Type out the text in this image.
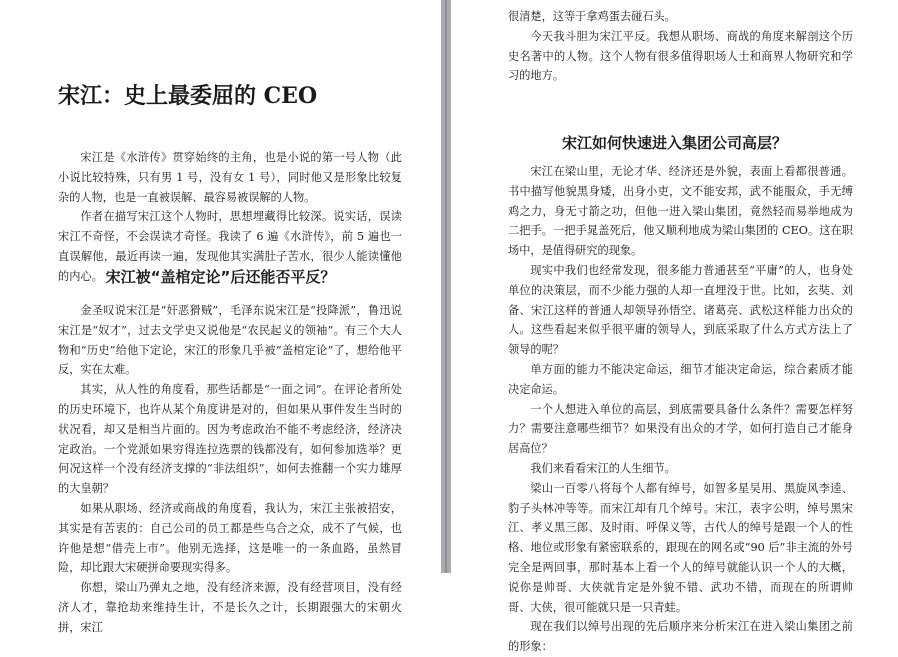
宋江：史上最委屈的 CEO

宋江是《水浒传》贯穿始终的主角，也是小说的第一号人物（此小说比较特殊，只有男 1 号，没有女 1 号），同时他又是形象比较复杂的人物，也是一直被误解、最容易被误解的人物。

作者在描写宋江这个人物时，思想埋藏得比较深。说实话，误读宋江不奇怪，不会误读才奇怪。我读了 6 遍《水浒传》，前 5 遍也一直误解他，最近再读一遍，发现他其实满肚子苦水，很少人能读懂他的内心。 宋江被“盖棺定论”后还能否平反？

金圣叹说宋江是“奸恶猾贼”，毛泽东说宋江是“投降派”，鲁迅说宋江是“奴才”，过去文学史又说他是“农民起义的领袖”。有三个大人物和“历史”给他下定论，宋江的形象几乎被“盖棺定论”了，想给他平反，实在太难。

其实，从人性的角度看，那些话都是“一面之词”。在评论者所处的历史环境下，也许从某个角度讲是对的，但如果从事件发生当时的状况看，却又是相当片面的。因为考虑政治不能不考虑经济，经济决定政治。一个党派如果穷得连拉选票的钱都没有，如何参加选举？更何况这样一个没有经济支撑的“非法组织”，如何去推翻一个实力雄厚的大皇朝？

如果从职场、经济或商战的角度看，我认为，宋江主张被招安，其实是有苦衷的：自己公司的员工都是些乌合之众，成不了气候，也许他是想“借壳上市”。他别无选择，这是唯一的一条血路，虽然冒险，却比跟大宋硬拼命要现实得多。

你想，梁山乃弹丸之地，没有经济来源，没有经营项目，没有经济人才，靠抢劫来维持生计，不是长久之计，长期跟强大的宋朝火拼，宋江

很清楚，这等于拿鸡蛋去碰石头。

今天我斗胆为宋江平反。我想从职场、商战的角度来解剖这个历史名著中的人物。这个人物有很多值得职场人士和商界人物研究和学习的地方。

宋江如何快速进入集团公司高层？

宋江在梁山里，无论才华、经济还是外貌，表面上看都很普通。书中描写他貌黑身矮，出身小吏，文不能安邦，武不能服众，手无缚鸡之力，身无寸箭之功，但他一进入梁山集团，竟然轻而易举地成为二把手。一把手晁盖死后，他又顺利地成为梁山集团的 CEO。这在职场中，是值得研究的现象。

现实中我们也经常发现，很多能力普通甚至“平庸”的人，也身处单位的决策层，而不少能力强的人却一直埋没于世。比如，玄奘、刘备、宋江这样的普通人却领导孙悟空、诸葛亮、武松这样能力出众的人。这些看起来似乎很平庸的领导人，到底采取了什么方式方法上了领导的呢？

单方面的能力不能决定命运，细节才能决定命运，综合素质才能决定命运。

一个人想进入单位的高层，到底需要具备什么条件？需要怎样努力？需要注意哪些细节？如果没有出众的才学，如何打造自己才能身居高位？

我们来看看宋江的人生细节。

梁山一百零八将每个人都有绰号，如智多星吴用、黑旋风李逵、豹子头林冲等等。而宋江却有几个绰号。宋江，表字公明，绰号黑宋江、孝义黑三郎、及时雨、呼保义等，古代人的绰号是跟一个人的性格、地位或形象有紧密联系的，跟现在的网名或“90 后”非主流的外号完全是两回事，那时基本上看一个人的绰号就能认识一个人的大概，说你是帅哥、大侠就肯定是外貌不错、武功不错，而现在的所谓帅哥、大侠，很可能就只是一只青蛙。

现在我们以绰号出现的先后顺序来分析宋江在进入梁山集团之前的形象：
